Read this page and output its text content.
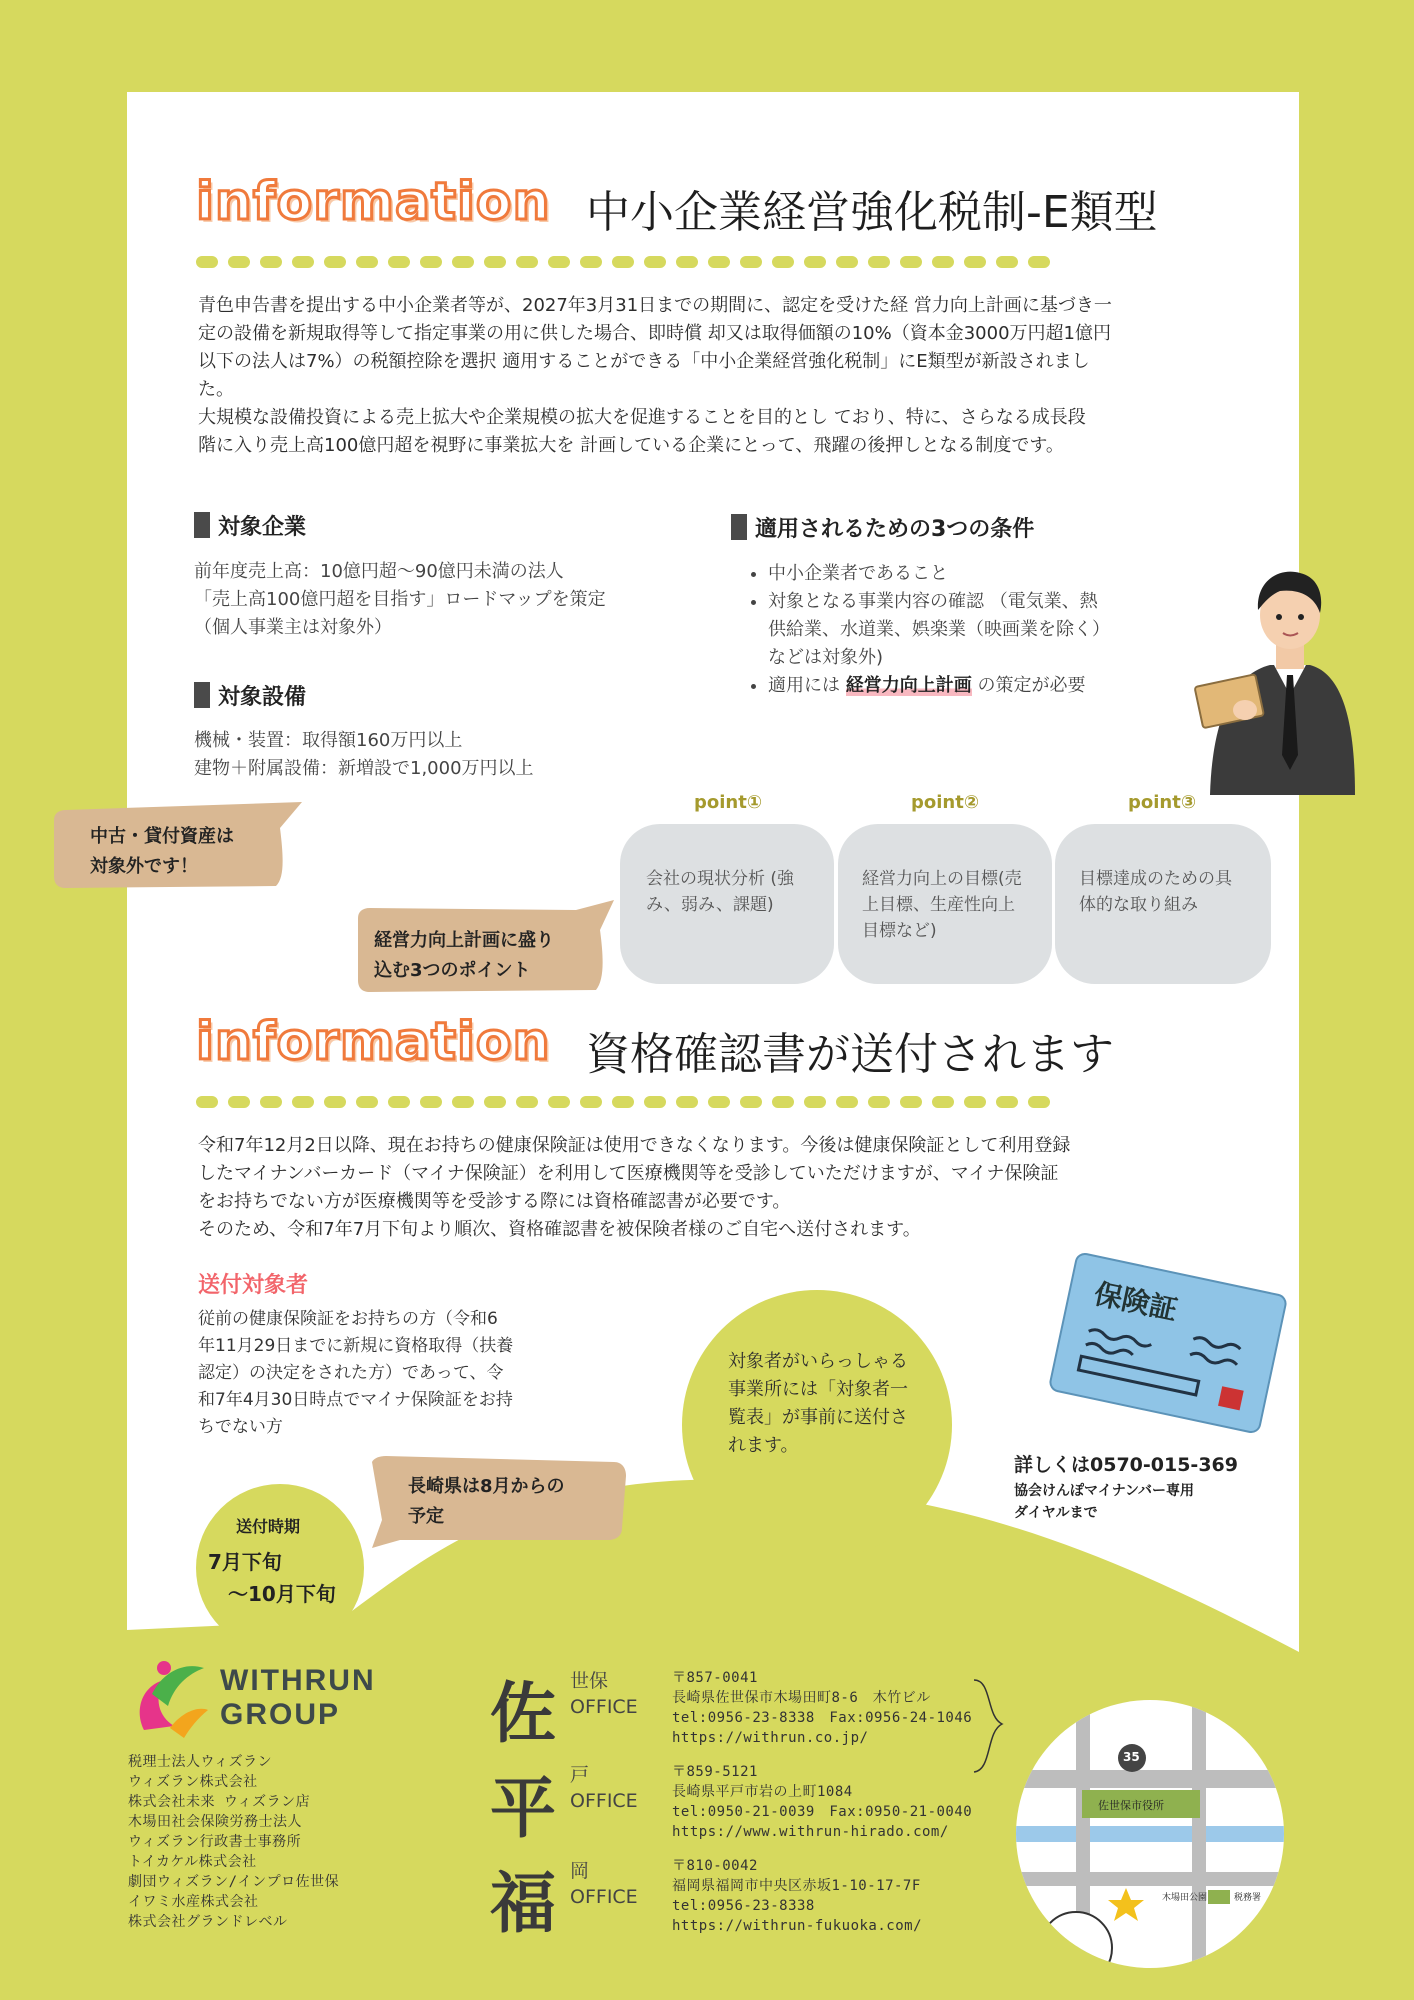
information 中小企業経営強化税制-E類型
青色申告書を提出する中小企業者等が、2027年3月31日までの期間に、認定を受けた経 営力向上計画に基づき一
定の設備を新規取得等して指定事業の用に供した場合、即時償 却又は取得価額の10%（資本金3000万円超1億円
以下の法人は7%）の税額控除を選択 適用することができる「中小企業経営強化税制」にE類型が新設されまし
た。
大規模な設備投資による売上拡大や企業規模の拡大を促進することを目的とし ており、特に、さらなる成長段
階に入り売上高100億円超を視野に事業拡大を 計画している企業にとって、飛躍の後押しとなる制度です。
対象企業
前年度売上高：10億円超〜90億円未満の法人
「売上高100億円超を目指す」ロードマップを策定
（個人事業主は対象外）
対象設備
機械・装置：取得額160万円以上
建物＋附属設備：新増設で1,000万円以上
適用されるための3つの条件
• 中小企業者であること
• 対象となる事業内容の確認 （電気業、熱
供給業、水道業、娯楽業（映画業を除く）
などは対象外)
• 適用には 経営力向上計画 の策定が必要
中古・貸付資産は
対象外です！
経営力向上計画に盛り
込む3つのポイント
point①
会社の現状分析 (強
み、弱み、課題)
point②
経営力向上の目標(売
上目標、生産性向上
目標など)
point③
目標達成のための具
体的な取り組み
information 資格確認書が送付されます
令和7年12月2日以降、現在お持ちの健康保険証は使用できなくなります。今後は健康保険証として利用登録
したマイナンバーカード（マイナ保険証）を利用して医療機関等を受診していただけますが、マイナ保険証
をお持ちでない方が医療機関等を受診する際には資格確認書が必要です。
そのため、令和7年7月下旬より順次、資格確認書を被保険者様のご自宅へ送付されます。
送付対象者
従前の健康保険証をお持ちの方（令和6
年11月29日までに新規に資格取得（扶養
認定）の決定をされた方）であって、令
和7年4月30日時点でマイナ保険証をお持
ちでない方
対象者がいらっしゃる
事業所には「対象者一
覧表」が事前に送付さ
れます。
保険証
詳しくは0570-015-369
協会けんぽマイナンバー専用
ダイヤルまで
長崎県は8月からの
予定
送付時期
7月下旬
　～10月下旬
WITHRUN
GROUP
税理士法人ウィズラン
ウィズラン株式会社
株式会社未来 ウィズラン店
木場田社会保険労務士法人
ウィズラン行政書士事務所
トイカケル株式会社
劇団ウィズラン/インプロ佐世保
イワミ水産株式会社
株式会社グランドレベル
佐 世保
OFFICE
〒857-0041
長崎県佐世保市木場田町8-6　木竹ビル
tel:0956-23-8338　Fax:0956-24-1046
https://withrun.co.jp/
平 戸
OFFICE
〒859-5121
長崎県平戸市岩の上町1084
tel:0950-21-0039　Fax:0950-21-0040
https://www.withrun-hirado.com/
福 岡
OFFICE
〒810-0042
福岡県福岡市中央区赤坂1-10-17-7F
tel:0956-23-8338
https://withrun-fukuoka.com/
35
佐世保市役所
木場田公園	税務署
